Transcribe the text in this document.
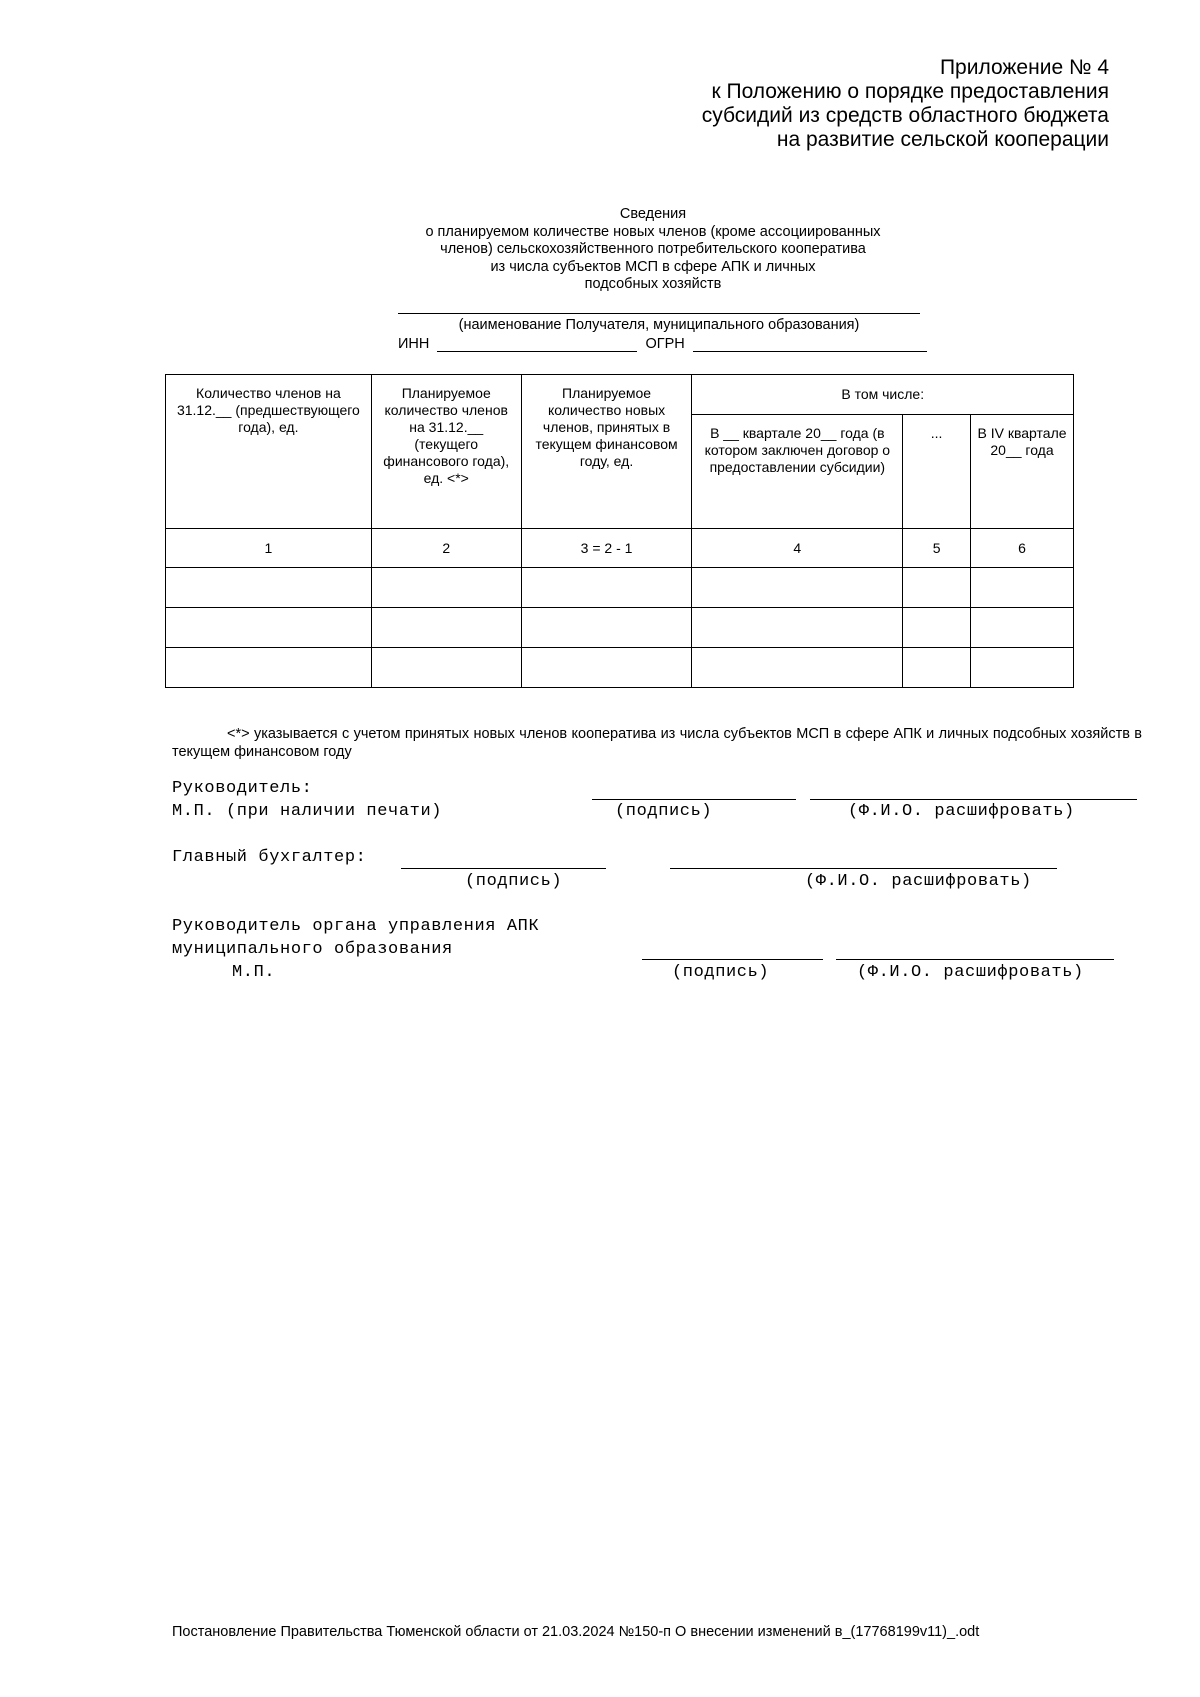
Приложение № 4
к Положению о порядке предоставления
субсидий из средств областного бюджета
на развитие сельской кооперации
Сведения
о планируемом количестве новых членов (кроме ассоциированных
членов) сельскохозяйственного потребительского кооператива
из числа субъектов МСП в сфере АПК и личных
подсобных хозяйств
(наименование Получателя, муниципального образования)
ИНН	ОГРН
Количество членов на 31.12.__ (предшествующего года), ед.	Планируемое количество членов на 31.12.__ (текущего финансового года), ед. <*>	Планируемое количество новых членов, принятых в текущем финансовом году, ед.	В том числе:		
			В __ квартале 20__ года (в котором заключен договор о предоставлении субсидии)	...	В IV квартале 20__ года
1	2	3 = 2 - 1	4	5	6

<*> указывается с учетом принятых новых членов кооператива из числа субъектов МСП в сфере АПК и личных подсобных хозяйств в текущем финансовом году
Руководитель:
М.П. (при наличии печати)	(подпись)	(Ф.И.О. расшифровать)
Главный бухгалтер:
(подпись)	(Ф.И.О. расшифровать)
Руководитель органа управления АПК
муниципального образования
М.П.	(подпись)	(Ф.И.О. расшифровать)
Постановление Правительства Тюменской области от 21.03.2024 №150-п О внесении изменений в_(17768199v11)_.odt
